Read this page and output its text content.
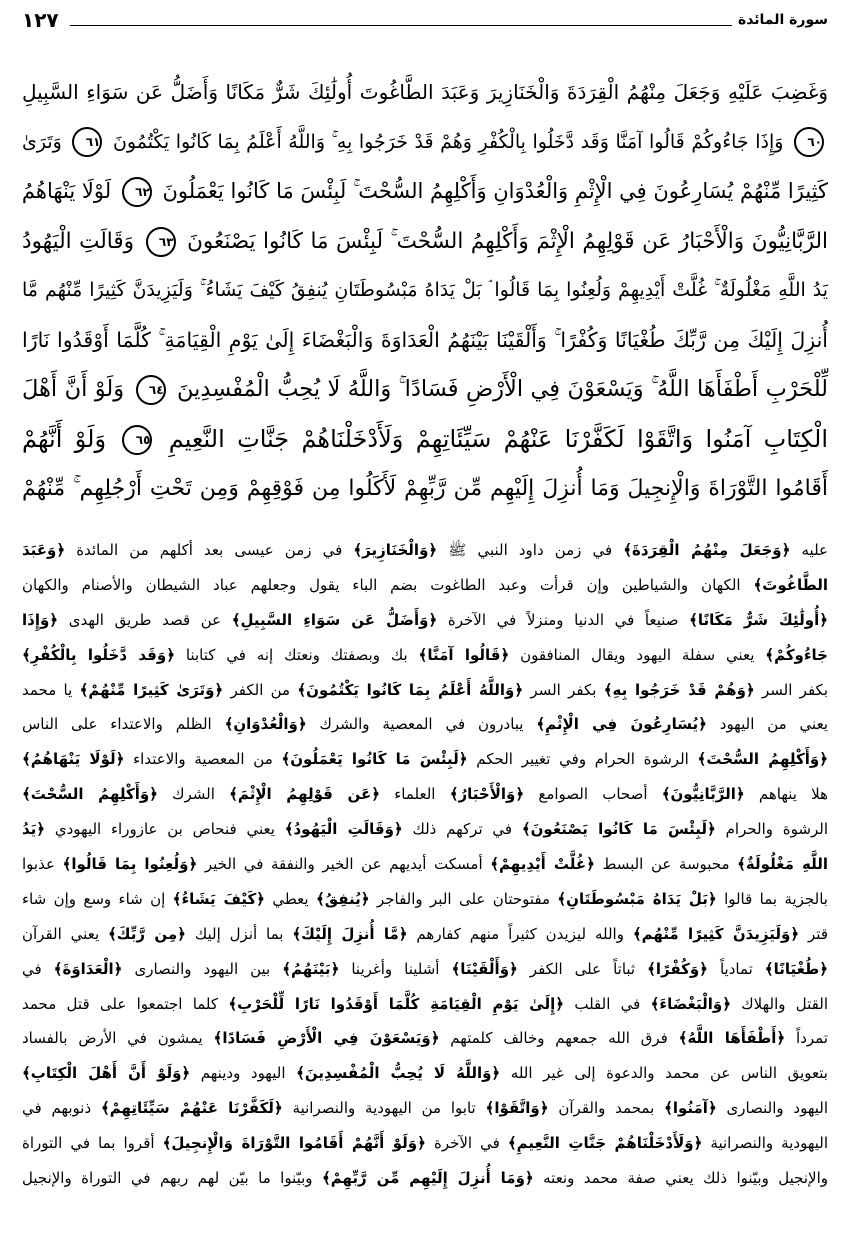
١٢٧	سورة المائدة
وَغَضِبَ عَلَيْهِ وَجَعَلَ مِنْهُمُ الْقِرَدَةَ وَالْخَنَازِيرَ وَعَبَدَ الطَّاغُوتَ أُولَٰئِكَ شَرٌّ مَكَانًا وَأَضَلُّ عَن سَوَاءِ السَّبِيلِ
٦٠ وَإِذَا جَاءُوكُمْ قَالُوا آمَنَّا وَقَد دَّخَلُوا بِالْكُفْرِ وَهُمْ قَدْ خَرَجُوا بِهِ ۚ وَاللَّهُ أَعْلَمُ بِمَا كَانُوا يَكْتُمُونَ ٦١ وَتَرَىٰ
كَثِيرًا مِّنْهُمْ يُسَارِعُونَ فِي الْإِثْمِ وَالْعُدْوَانِ وَأَكْلِهِمُ السُّحْتَ ۚ لَبِئْسَ مَا كَانُوا يَعْمَلُونَ ٦٢ لَوْلَا يَنْهَاهُمُ
الرَّبَّانِيُّونَ وَالْأَحْبَارُ عَن قَوْلِهِمُ الْإِثْمَ وَأَكْلِهِمُ السُّحْتَ ۚ لَبِئْسَ مَا كَانُوا يَصْنَعُونَ ٦٣ وَقَالَتِ الْيَهُودُ
يَدُ اللَّهِ مَغْلُولَةٌ ۚ غُلَّتْ أَيْدِيهِمْ وَلُعِنُوا بِمَا قَالُوا ۘ بَلْ يَدَاهُ مَبْسُوطَتَانِ يُنفِقُ كَيْفَ يَشَاءُ ۚ وَلَيَزِيدَنَّ كَثِيرًا مِّنْهُم مَّا
أُنزِلَ إِلَيْكَ مِن رَّبِّكَ طُغْيَانًا وَكُفْرًا ۚ وَأَلْقَيْنَا بَيْنَهُمُ الْعَدَاوَةَ وَالْبَغْضَاءَ إِلَىٰ يَوْمِ الْقِيَامَةِ ۚ كُلَّمَا أَوْقَدُوا نَارًا
لِّلْحَرْبِ أَطْفَأَهَا اللَّهُ ۚ وَيَسْعَوْنَ فِي الْأَرْضِ فَسَادًا ۚ وَاللَّهُ لَا يُحِبُّ الْمُفْسِدِينَ ٦٤ وَلَوْ أَنَّ أَهْلَ
الْكِتَابِ آمَنُوا وَاتَّقَوْا لَكَفَّرْنَا عَنْهُمْ سَيِّئَاتِهِمْ وَلَأَدْخَلْنَاهُمْ جَنَّاتِ النَّعِيمِ ٦٥ وَلَوْ أَنَّهُمْ
أَقَامُوا التَّوْرَاةَ وَالْإِنجِيلَ وَمَا أُنزِلَ إِلَيْهِم مِّن رَّبِّهِمْ لَأَكَلُوا مِن فَوْقِهِمْ وَمِن تَحْتِ أَرْجُلِهِم ۚ مِّنْهُمْ
عليه ﴿وَجَعَلَ مِنْهُمُ الْقِرَدَةَ﴾ في زمن داود النبي ﷺ ﴿وَالْخَنَازِيرَ﴾ في زمن عيسى بعد أكلهم من المائدة ﴿وَعَبَدَ
الطَّاغُوتَ﴾ الكهان والشياطين وإن قرأت وعبد الطاغوت بضم الباء يقول وجعلهم عباد الشيطان والأصنام والكهان
﴿أُولَٰئِكَ شَرٌّ مَكَانًا﴾ صنيعاً في الدنيا ومنزلاً في الآخرة ﴿وَأَضَلُّ عَن سَوَاءِ السَّبِيلِ﴾ عن قصد طريق الهدى ﴿وَإِذَا
جَاءُوكُمْ﴾ يعني سفلة اليهود ويقال المنافقون ﴿قَالُوا آمَنَّا﴾ بك وبصفتك ونعتك إنه في كتابنا ﴿وَقَد دَّخَلُوا بِالْكُفْرِ﴾
بكفر السر ﴿وَهُمْ قَدْ خَرَجُوا بِهِ﴾ بكفر السر ﴿وَاللَّهُ أَعْلَمُ بِمَا كَانُوا يَكْتُمُونَ﴾ من الكفر ﴿وَتَرَىٰ كَثِيرًا مِّنْهُمْ﴾ يا محمد
يعني من اليهود ﴿يُسَارِعُونَ فِي الْإِثْمِ﴾ يبادرون في المعصية والشرك ﴿وَالْعُدْوَانِ﴾ الظلم والاعتداء على الناس
﴿وَأَكْلِهِمُ السُّحْتَ﴾ الرشوة الحرام وفي تغيير الحكم ﴿لَبِئْسَ مَا كَانُوا يَعْمَلُونَ﴾ من المعصية والاعتداء ﴿لَوْلَا يَنْهَاهُمُ﴾
هلا ينهاهم ﴿الرَّبَّانِيُّونَ﴾ أصحاب الصوامع ﴿وَالْأَحْبَارُ﴾ العلماء ﴿عَن قَوْلِهِمُ الْإِثْمَ﴾ الشرك ﴿وَأَكْلِهِمُ السُّحْتَ﴾
الرشوة والحرام ﴿لَبِئْسَ مَا كَانُوا يَصْنَعُونَ﴾ في تركهم ذلك ﴿وَقَالَتِ الْيَهُودُ﴾ يعني فنحاص بن عازوراء اليهودي ﴿يَدُ
اللَّهِ مَغْلُولَةٌ﴾ محبوسة عن البسط ﴿غُلَّتْ أَيْدِيهِمْ﴾ أمسكت أيديهم عن الخير والنفقة في الخير ﴿وَلُعِنُوا بِمَا قَالُوا﴾ عذبوا
بالجزية بما قالوا ﴿بَلْ يَدَاهُ مَبْسُوطَتَانِ﴾ مفتوحتان على البر والفاجر ﴿يُنفِقُ﴾ يعطي ﴿كَيْفَ يَشَاءُ﴾ إن شاء وسع وإن شاء
قتر ﴿وَلَيَزِيدَنَّ كَثِيرًا مِّنْهُم﴾ والله ليزيدن كثيراً منهم كفارهم ﴿مَّا أُنزِلَ إِلَيْكَ﴾ بما أنزل إليك ﴿مِن رَّبِّكَ﴾ يعني القرآن
﴿طُغْيَانًا﴾ تمادياً ﴿وَكُفْرًا﴾ ثباتاً على الكفر ﴿وَأَلْقَيْنَا﴾ أشلينا وأغرينا ﴿بَيْنَهُمُ﴾ بين اليهود والنصارى ﴿الْعَدَاوَةَ﴾ في
القتل والهلاك ﴿وَالْبَغْضَاءَ﴾ في القلب ﴿إِلَىٰ يَوْمِ الْقِيَامَةِ كُلَّمَا أَوْقَدُوا نَارًا لِّلْحَرْبِ﴾ كلما اجتمعوا على قتل محمد
تمرداً ﴿أَطْفَأَهَا اللَّهُ﴾ فرق الله جمعهم وخالف كلمتهم ﴿وَيَسْعَوْنَ فِي الْأَرْضِ فَسَادًا﴾ يمشون في الأرض بالفساد
بتعويق الناس عن محمد والدعوة إلى غير الله ﴿وَاللَّهُ لَا يُحِبُّ الْمُفْسِدِينَ﴾ اليهود ودينهم ﴿وَلَوْ أَنَّ أَهْلَ الْكِتَابِ﴾
اليهود والنصارى ﴿آمَنُوا﴾ بمحمد والقرآن ﴿وَاتَّقَوْا﴾ تابوا من اليهودية والنصرانية ﴿لَكَفَّرْنَا عَنْهُمْ سَيِّئَاتِهِمْ﴾ ذنوبهم في
اليهودية والنصرانية ﴿وَلَأَدْخَلْنَاهُمْ جَنَّاتِ النَّعِيمِ﴾ في الآخرة ﴿وَلَوْ أَنَّهُمْ أَقَامُوا التَّوْرَاةَ وَالْإِنجِيلَ﴾ أقروا بما في التوراة
والإنجيل وبيّنوا ذلك يعني صفة محمد ونعته ﴿وَمَا أُنزِلَ إِلَيْهِم مِّن رَّبِّهِمْ﴾ وبيّنوا ما بيّن لهم ربهم في التوراة والإنجيل
